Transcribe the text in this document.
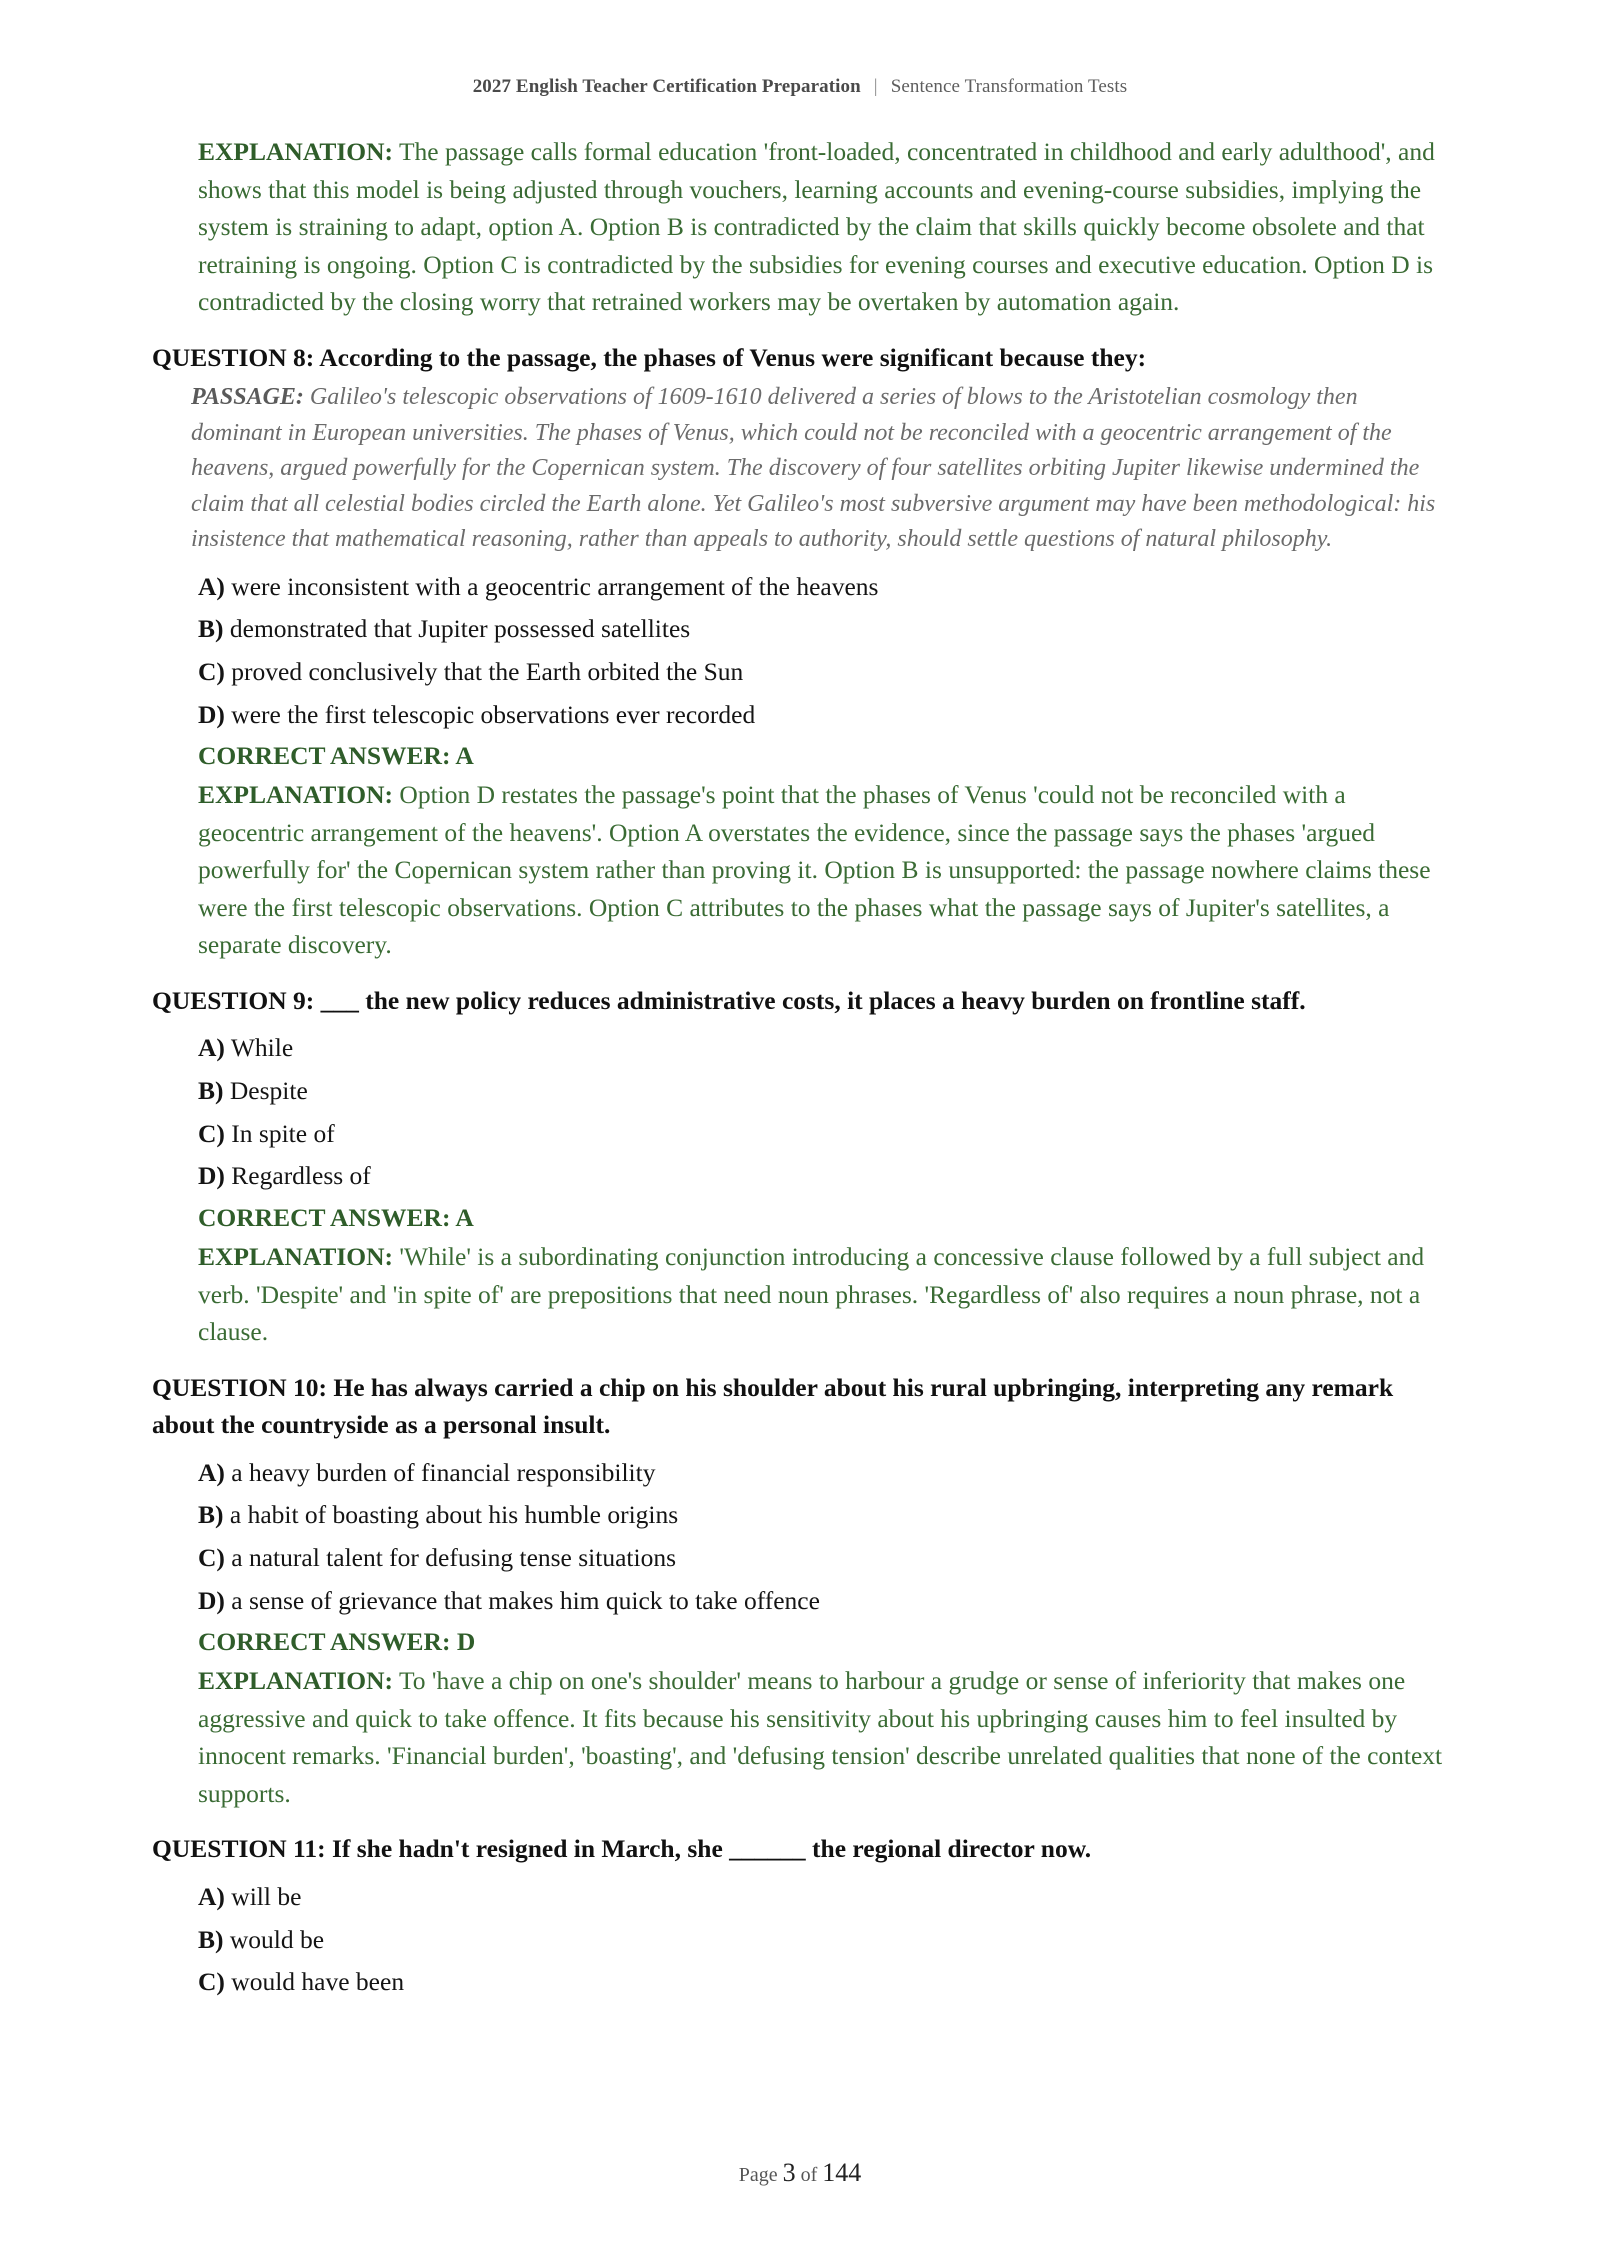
2027 English Teacher Certification Preparation | Sentence Transformation Tests
EXPLANATION: The passage calls formal education 'front-loaded, concentrated in childhood and early adulthood', and shows that this model is being adjusted through vouchers, learning accounts and evening-course subsidies, implying the system is straining to adapt, option A. Option B is contradicted by the claim that skills quickly become obsolete and that retraining is ongoing. Option C is contradicted by the subsidies for evening courses and executive education. Option D is contradicted by the closing worry that retrained workers may be overtaken by automation again.
QUESTION 8: According to the passage, the phases of Venus were significant because they:
PASSAGE: Galileo's telescopic observations of 1609-1610 delivered a series of blows to the Aristotelian cosmology then dominant in European universities. The phases of Venus, which could not be reconciled with a geocentric arrangement of the heavens, argued powerfully for the Copernican system. The discovery of four satellites orbiting Jupiter likewise undermined the claim that all celestial bodies circled the Earth alone. Yet Galileo's most subversive argument may have been methodological: his insistence that mathematical reasoning, rather than appeals to authority, should settle questions of natural philosophy.
A) were inconsistent with a geocentric arrangement of the heavens
B) demonstrated that Jupiter possessed satellites
C) proved conclusively that the Earth orbited the Sun
D) were the first telescopic observations ever recorded
CORRECT ANSWER: A
EXPLANATION: Option D restates the passage's point that the phases of Venus 'could not be reconciled with a geocentric arrangement of the heavens'. Option A overstates the evidence, since the passage says the phases 'argued powerfully for' the Copernican system rather than proving it. Option B is unsupported: the passage nowhere claims these were the first telescopic observations. Option C attributes to the phases what the passage says of Jupiter's satellites, a separate discovery.
QUESTION 9: ___ the new policy reduces administrative costs, it places a heavy burden on frontline staff.
A) While
B) Despite
C) In spite of
D) Regardless of
CORRECT ANSWER: A
EXPLANATION: 'While' is a subordinating conjunction introducing a concessive clause followed by a full subject and verb. 'Despite' and 'in spite of' are prepositions that need noun phrases. 'Regardless of' also requires a noun phrase, not a clause.
QUESTION 10: He has always carried a chip on his shoulder about his rural upbringing, interpreting any remark about the countryside as a personal insult.
A) a heavy burden of financial responsibility
B) a habit of boasting about his humble origins
C) a natural talent for defusing tense situations
D) a sense of grievance that makes him quick to take offence
CORRECT ANSWER: D
EXPLANATION: To 'have a chip on one's shoulder' means to harbour a grudge or sense of inferiority that makes one aggressive and quick to take offence. It fits because his sensitivity about his upbringing causes him to feel insulted by innocent remarks. 'Financial burden', 'boasting', and 'defusing tension' describe unrelated qualities that none of the context supports.
QUESTION 11: If she hadn't resigned in March, she ______ the regional director now.
A) will be
B) would be
C) would have been
Page 3 of 144
